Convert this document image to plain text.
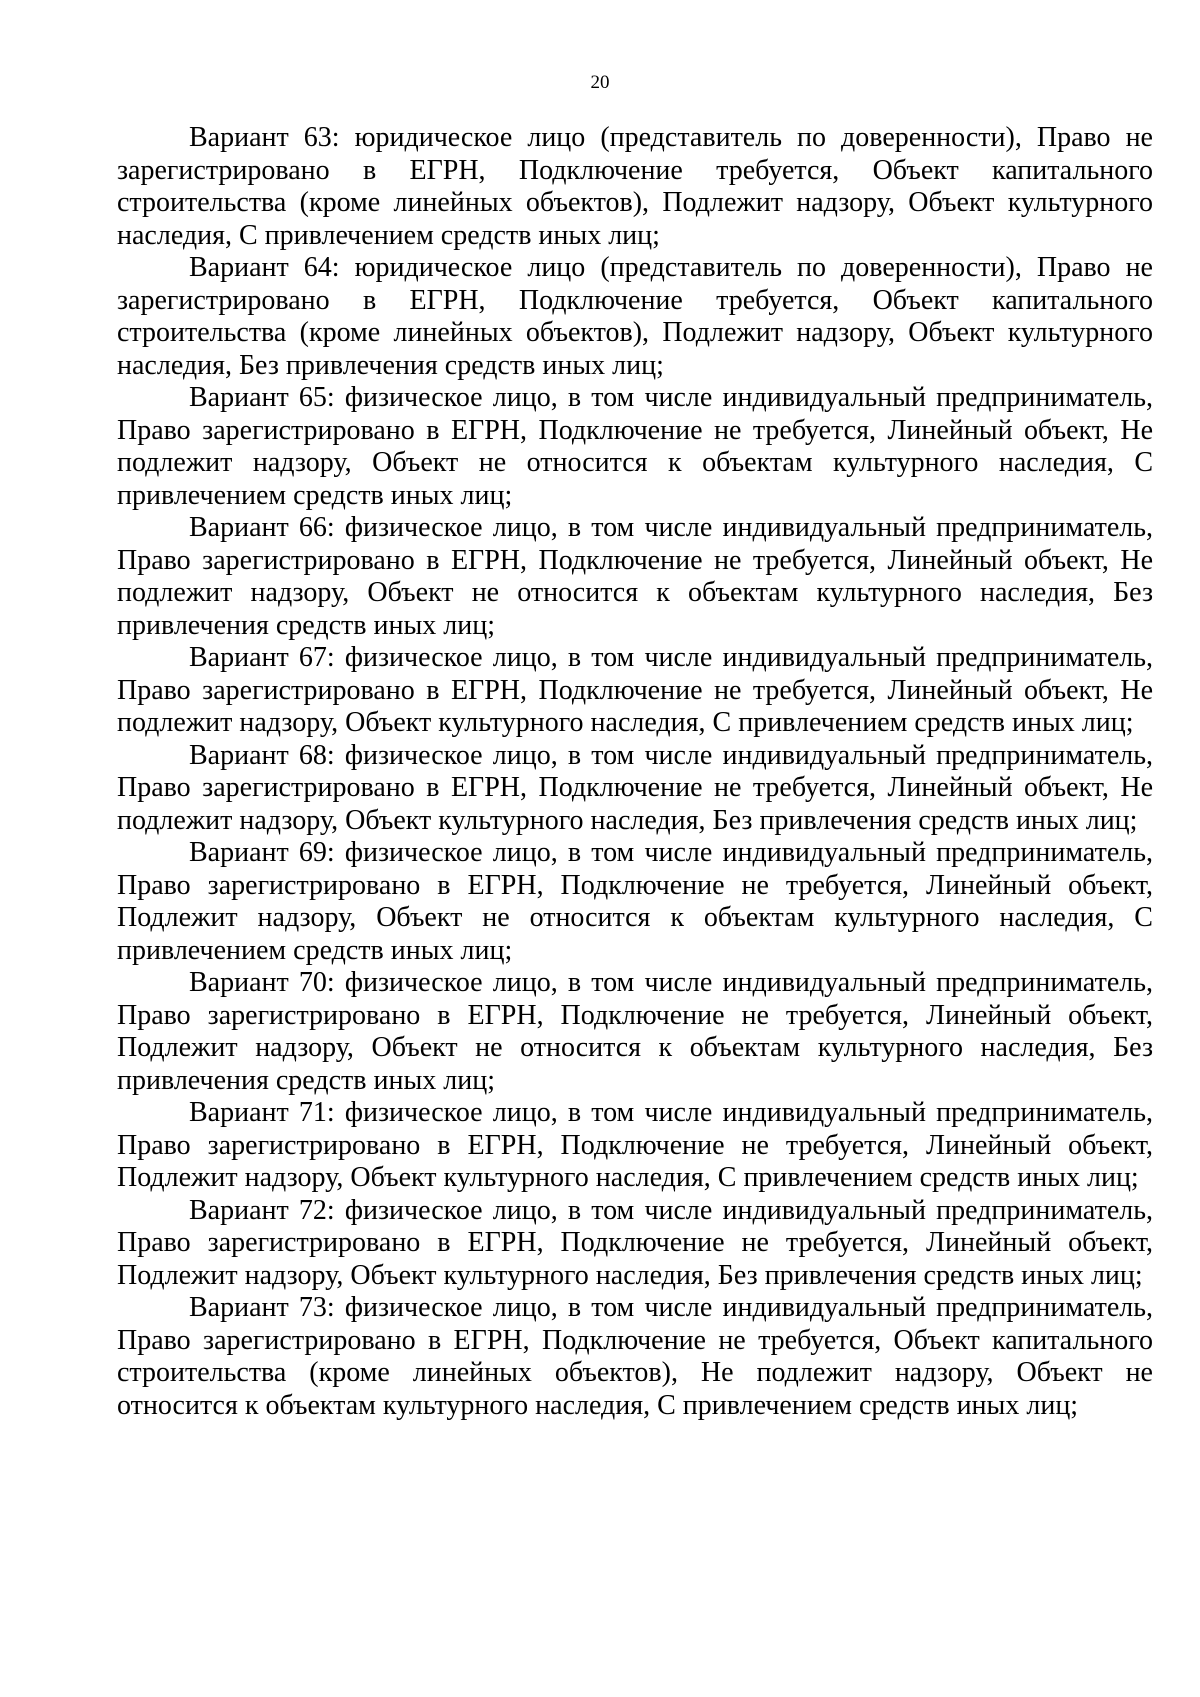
20

Вариант 63: юридическое лицо (представитель по доверенности), Право не зарегистрировано в ЕГРН, Подключение требуется, Объект капитального строительства (кроме линейных объектов), Подлежит надзору, Объект культурного наследия, С привлечением средств иных лиц;

Вариант 64: юридическое лицо (представитель по доверенности), Право не зарегистрировано в ЕГРН, Подключение требуется, Объект капитального строительства (кроме линейных объектов), Подлежит надзору, Объект культурного наследия, Без привлечения средств иных лиц;

Вариант 65: физическое лицо, в том числе индивидуальный предприниматель, Право зарегистрировано в ЕГРН, Подключение не требуется, Линейный объект, Не подлежит надзору, Объект не относится к объектам культурного наследия, С привлечением средств иных лиц;

Вариант 66: физическое лицо, в том числе индивидуальный предприниматель, Право зарегистрировано в ЕГРН, Подключение не требуется, Линейный объект, Не подлежит надзору, Объект не относится к объектам культурного наследия, Без привлечения средств иных лиц;

Вариант 67: физическое лицо, в том числе индивидуальный предприниматель, Право зарегистрировано в ЕГРН, Подключение не требуется, Линейный объект, Не подлежит надзору, Объект культурного наследия, С привлечением средств иных лиц;

Вариант 68: физическое лицо, в том числе индивидуальный предприниматель, Право зарегистрировано в ЕГРН, Подключение не требуется, Линейный объект, Не подлежит надзору, Объект культурного наследия, Без привлечения средств иных лиц;

Вариант 69: физическое лицо, в том числе индивидуальный предприниматель, Право зарегистрировано в ЕГРН, Подключение не требуется, Линейный объект, Подлежит надзору, Объект не относится к объектам культурного наследия, С привлечением средств иных лиц;

Вариант 70: физическое лицо, в том числе индивидуальный предприниматель, Право зарегистрировано в ЕГРН, Подключение не требуется, Линейный объект, Подлежит надзору, Объект не относится к объектам культурного наследия, Без привлечения средств иных лиц;

Вариант 71: физическое лицо, в том числе индивидуальный предприниматель, Право зарегистрировано в ЕГРН, Подключение не требуется, Линейный объект, Подлежит надзору, Объект культурного наследия, С привлечением средств иных лиц;

Вариант 72: физическое лицо, в том числе индивидуальный предприниматель, Право зарегистрировано в ЕГРН, Подключение не требуется, Линейный объект, Подлежит надзору, Объект культурного наследия, Без привлечения средств иных лиц;

Вариант 73: физическое лицо, в том числе индивидуальный предприниматель, Право зарегистрировано в ЕГРН, Подключение не требуется, Объект капитального строительства (кроме линейных объектов), Не подлежит надзору, Объект не относится к объектам культурного наследия, С привлечением средств иных лиц;
